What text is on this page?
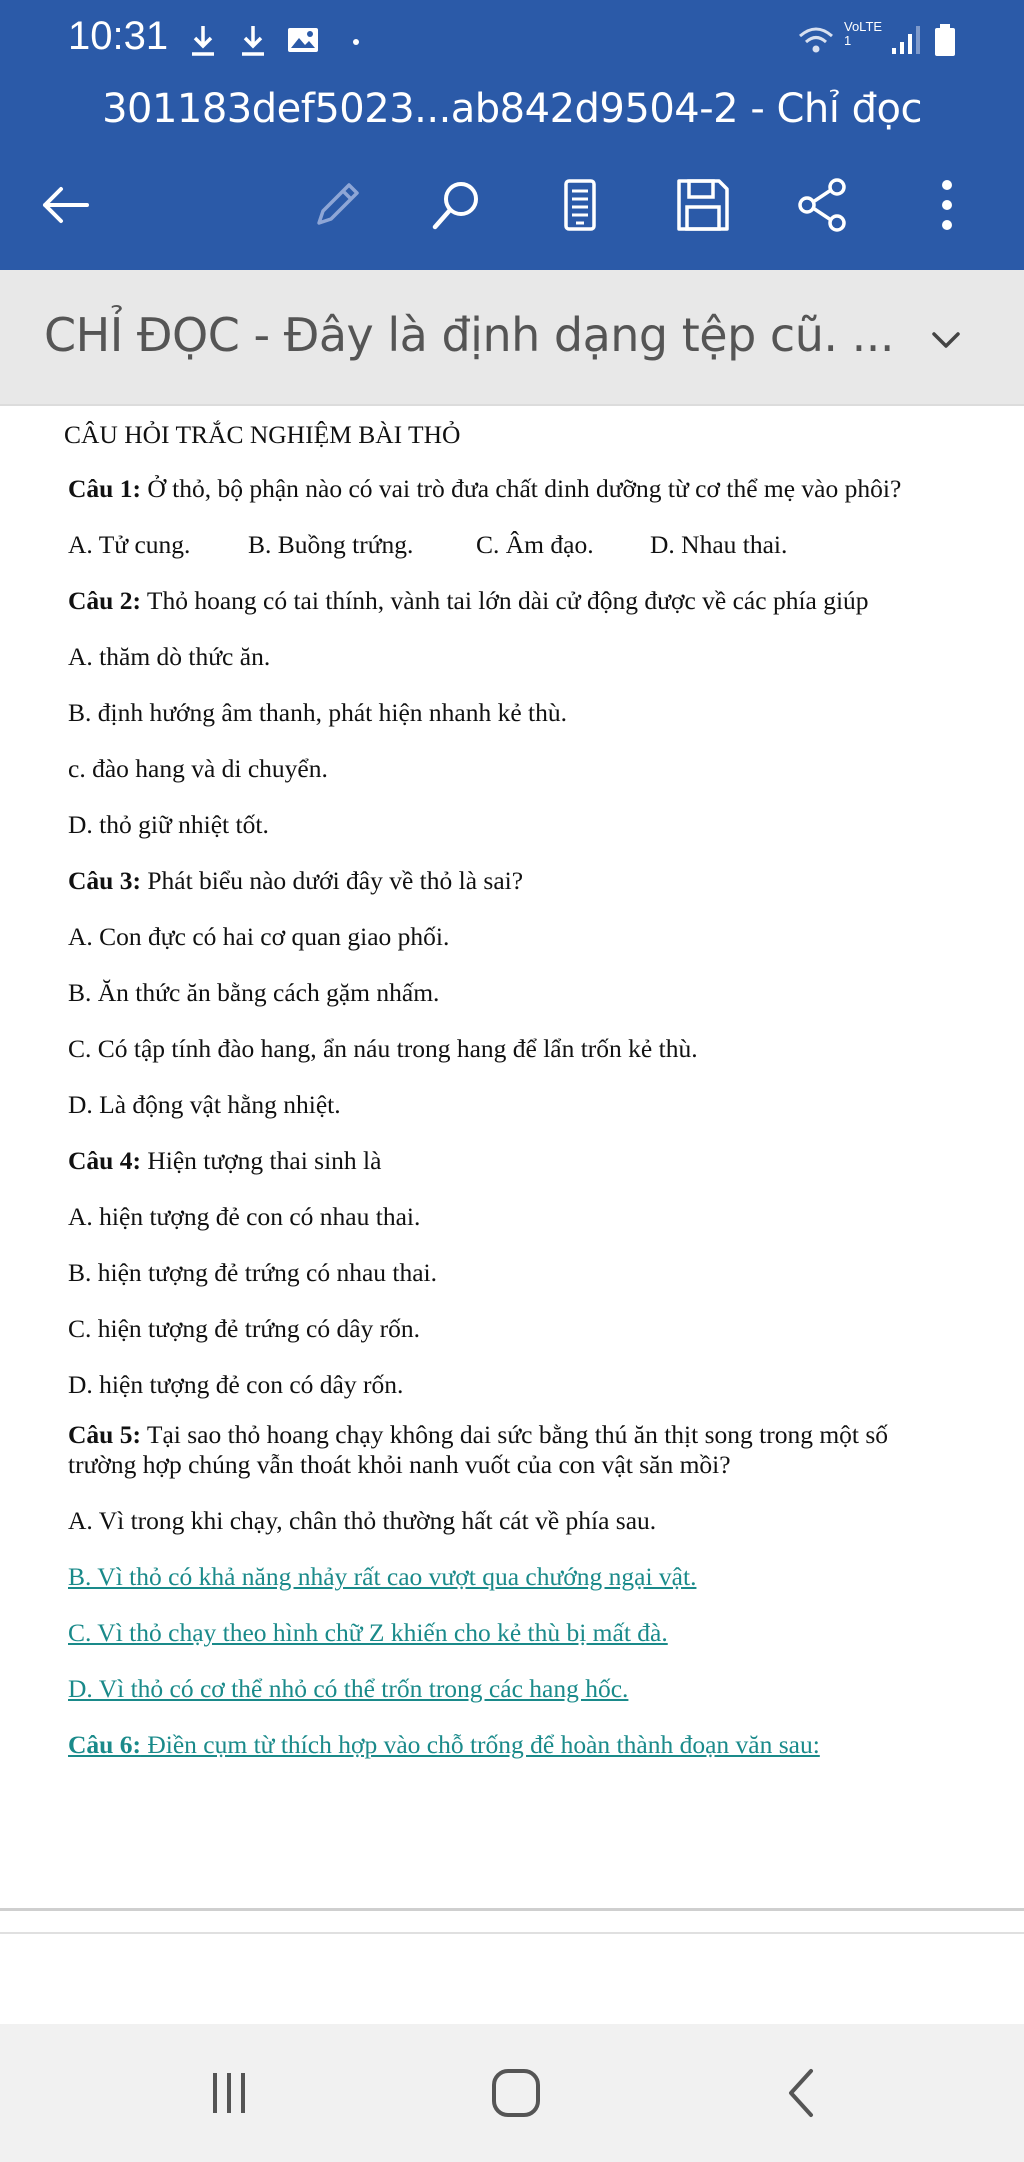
10:31	VoLTE1
301183def5023...ab842d9504-2 - Chỉ đọc
CHỈ ĐỌC - Đây là định dạng tệp cũ. ...
CÂU HỎI TRẮC NGHIỆM BÀI THỎ
Câu 1: Ở thỏ, bộ phận nào có vai trò đưa chất dinh dưỡng từ cơ thể mẹ vào phôi?
A. Tử cung. B. Buồng trứng. C. Âm đạo. D. Nhau thai.
Câu 2: Thỏ hoang có tai thính, vành tai lớn dài cử động được về các phía giúp
A. thăm dò thức ăn.
B. định hướng âm thanh, phát hiện nhanh kẻ thù.
c. đào hang và di chuyển.
D. thỏ giữ nhiệt tốt.
Câu 3: Phát biểu nào dưới đây về thỏ là sai?
A. Con đực có hai cơ quan giao phối.
B. Ăn thức ăn bằng cách gặm nhấm.
C. Có tập tính đào hang, ẩn náu trong hang để lẩn trốn kẻ thù.
D. Là động vật hằng nhiệt.
Câu 4: Hiện tượng thai sinh là
A. hiện tượng đẻ con có nhau thai.
B. hiện tượng đẻ trứng có nhau thai.
C. hiện tượng đẻ trứng có dây rốn.
D. hiện tượng đẻ con có dây rốn.
Câu 5: Tại sao thỏ hoang chạy không dai sức bằng thú ăn thịt song trong một số
trường hợp chúng vẫn thoát khỏi nanh vuốt của con vật săn mồi?
A. Vì trong khi chạy, chân thỏ thường hất cát về phía sau.
B. Vì thỏ có khả năng nhảy rất cao vượt qua chướng ngại vật.
C. Vì thỏ chạy theo hình chữ Z khiến cho kẻ thù bị mất đà.
D. Vì thỏ có cơ thể nhỏ có thể trốn trong các hang hốc.
Câu 6: Điền cụm từ thích hợp vào chỗ trống để hoàn thành đoạn văn sau:
